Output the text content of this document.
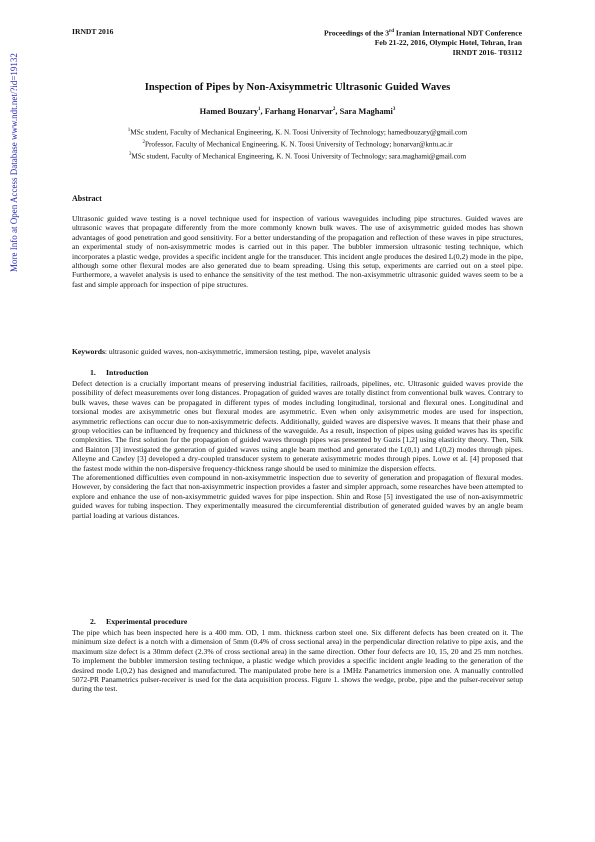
More Info at Open Access Database www.ndt.net/?id=19132
IRNDT 2016	Proceedings of the 3rd Iranian International NDT Conference
Feb 21-22, 2016, Olympic Hotel, Tehran, Iran
IRNDT 2016- T03112
Inspection of Pipes by Non-Axisymmetric Ultrasonic Guided Waves
Hamed Bouzary$^1$, Farhang Honarvar$^2$, Sara Maghami$^3$
$^1$MSc student, Faculty of Mechanical Engineering, K. N. Toosi University of Technology; hamedbouzary@gmail.com
$^2$Professor, Faculty of Mechanical Engineering, K. N. Toosi University of Technology; honarvar@kntu.ac.ir
$^3$MSc student, Faculty of Mechanical Engineering, K. N. Toosi University of Technology; sara.maghami@gmail.com
Abstract

Ultrasonic guided wave testing is a novel technique used for inspection of various waveguides including pipe structures. Guided waves are ultrasonic waves that propagate differently from the more commonly known bulk waves. The use of axisymmetric guided modes has shown advantages of good penetration and good sensitivity. For a better understanding of the propagation and reflection of these waves in pipe structures, an experimental study of non-axisymmetric modes is carried out in this paper. The bubbler immersion ultrasonic testing technique, which incorporates a plastic wedge, provides a specific incident angle for the transducer. This incident angle produces the desired L(0,2) mode in the pipe, although some other flexural modes are also generated due to beam spreading. Using this setup, experiments are carried out on a steel pipe. Furthermore, a wavelet analysis is used to enhance the sensitivity of the test method. The non-axisymmetric ultrasonic guided waves seem to be a fast and simple approach for inspection of pipe structures.

Keywords: ultrasonic guided waves, non-axisymmetric, immersion testing, pipe, wavelet analysis
1. Introduction

Defect detection is a crucially important means of preserving industrial facilities, railroads, pipelines, etc. Ultrasonic guided waves provide the possibility of defect measurements over long distances. Propagation of guided waves are totally distinct from conventional bulk waves. Contrary to bulk waves, these waves can be propagated in different types of modes including longitudinal, torsional and flexural ones. Longitudinal and torsional modes are axisymmetric ones but flexural modes are asymmetric. Even when only axisymmetric modes are used for inspection, asymmetric reflections can occur due to non-axisymmetric defects. Additionally, guided waves are dispersive waves. It means that their phase and group velocities can be influenced by frequency and thickness of the waveguide. As a result, inspection of pipes using guided waves has its specific complexities. The first solution for the propagation of guided waves through pipes was presented by Gazis [1,2] using elasticity theory. Then, Silk and Bainton [3] investigated the generation of guided waves using angle beam method and generated the L(0,1) and L(0,2) modes through pipes. Alleyne and Cawley [3] developed a dry-coupled transducer system to generate axisymmetric modes through pipes. Lowe et al. [4] proposed that the fastest mode within the non-dispersive frequency-thickness range should be used to minimize the dispersion effects.

The aforementioned difficulties even compound in non-axisymmetric inspection due to severity of generation and propagation of flexural modes. However, by considering the fact that non-axisymmetric inspection provides a faster and simpler approach, some researches have been attempted to explore and enhance the use of non-axisymmetric guided waves for pipe inspection. Shin and Rose [5] investigated the use of non-axisymmetric guided waves for tubing inspection. They experimentally measured the circumferential distribution of generated guided waves by an angle beam partial loading at various distances.

2. Experimental procedure

The pipe which has been inspected here is a 400 mm. OD, 1 mm. thickness carbon steel one. Six different defects has been created on it. The minimum size defect is a notch with a dimension of 5mm (0.4% of cross sectional area) in the perpendicular direction relative to pipe axis, and the maximum size defect is a 30mm defect (2.3% of cross sectional area) in the same direction. Other four defects are 10, 15, 20 and 25 mm notches. To implement the bubbler immersion testing technique, a plastic wedge which provides a specific incident angle leading to the generation of the desired mode L(0,2) has designed and manufactured. The manipulated probe here is a 1MHz Panametrics immersion one. A manually controlled 5072-PR Panametrics pulser-receiver is used for the data acquisition process. Figure 1. shows the wedge, probe, pipe and the pulser-receiver setup during the test.
